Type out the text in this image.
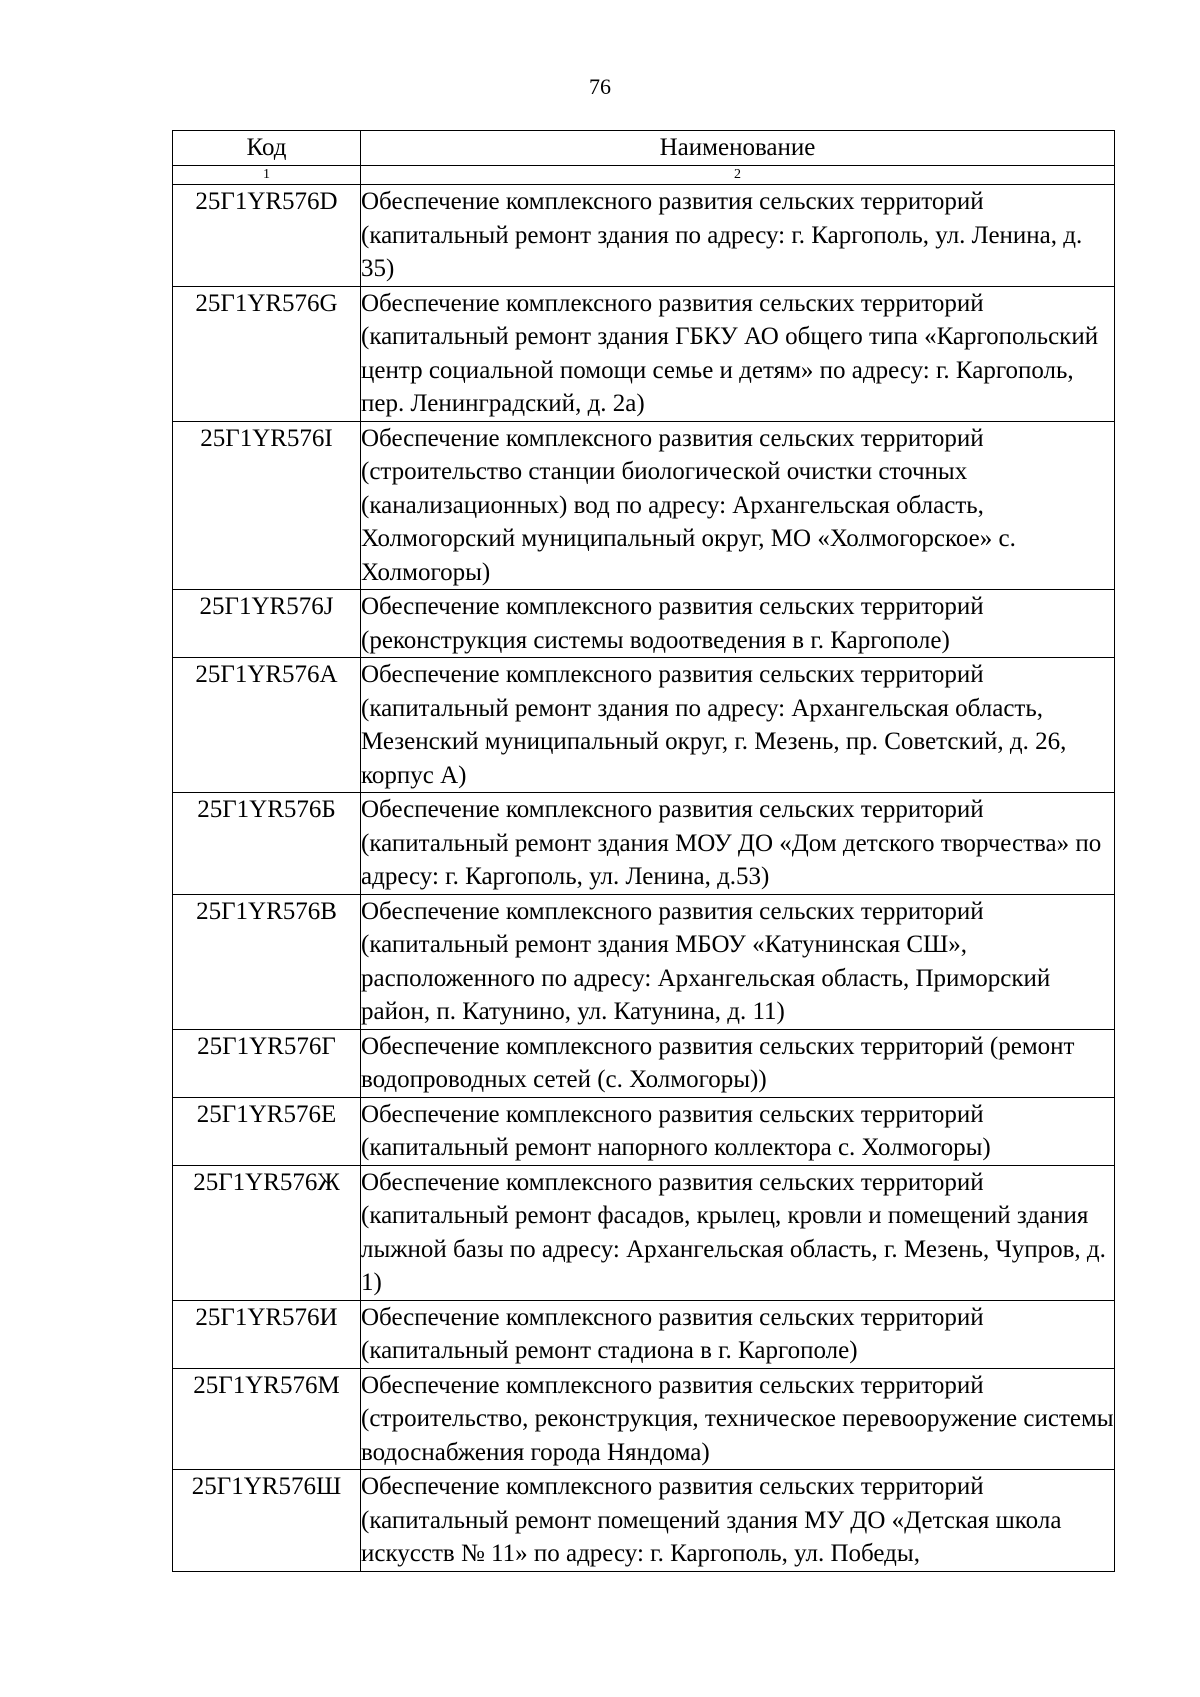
76
Код	Наименование
1	2
25Г1YR576D	Обеспечение комплексного развития сельских территорий (капитальный ремонт здания по адресу: г. Каргополь, ул. Ленина, д. 35)
25Г1YR576G	Обеспечение комплексного развития сельских территорий (капитальный ремонт здания ГБКУ АО общего типа «Каргопольский центр социальной помощи семье и детям» по адресу: г. Каргополь, пер. Ленинградский, д. 2а)
25Г1YR576I	Обеспечение комплексного развития сельских территорий (строительство станции биологической очистки сточных (канализационных) вод по адресу: Архангельская область, Холмогорский муниципальный округ, МО «Холмогорское» с. Холмогоры)
25Г1YR576J	Обеспечение комплексного развития сельских территорий (реконструкция системы водоотведения в г. Каргополе)
25Г1YR576A	Обеспечение комплексного развития сельских территорий (капитальный ремонт здания по адресу: Архангельская область, Мезенский муниципальный округ, г. Мезень, пр. Советский, д. 26, корпус А)
25Г1YR576Б	Обеспечение комплексного развития сельских территорий (капитальный ремонт здания МОУ ДО «Дом детского творчества» по адресу: г. Каргополь, ул. Ленина, д.53)
25Г1YR576В	Обеспечение комплексного развития сельских территорий (капитальный ремонт здания МБОУ «Катунинская СШ», расположенного по адресу: Архангельская область, Приморский район, п. Катунино, ул. Катунина, д. 11)
25Г1YR576Г	Обеспечение комплексного развития сельских территорий (ремонт водопроводных сетей (с. Холмогоры))
25Г1YR576Е	Обеспечение комплексного развития сельских территорий (капитальный ремонт напорного коллектора с. Холмогоры)
25Г1YR576Ж	Обеспечение комплексного развития сельских территорий (капитальный ремонт фасадов, крылец, кровли и помещений здания лыжной базы по адресу: Архангельская область, г. Мезень, Чупров, д. 1)
25Г1YR576И	Обеспечение комплексного развития сельских территорий (капитальный ремонт стадиона в г. Каргополе)
25Г1YR576М	Обеспечение комплексного развития сельских территорий (строительство, реконструкция, техническое перевооружение системы водоснабжения города Няндома)
25Г1YR576Ш	Обеспечение комплексного развития сельских территорий (капитальный ремонт помещений здания МУ ДО «Детская школа искусств № 11» по адресу: г. Каргополь, ул. Победы,
